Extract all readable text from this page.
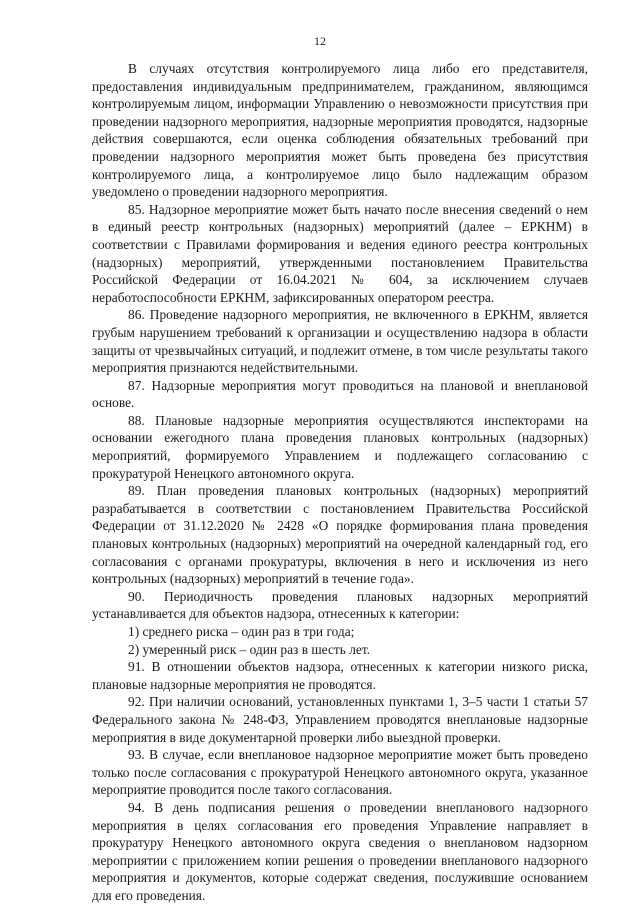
12

В случаях отсутствия контролируемого лица либо его представителя, предоставления индивидуальным предпринимателем, гражданином, являющимся контролируемым лицом, информации Управлению о невозможности присутствия при проведении надзорного мероприятия, надзорные мероприятия проводятся, надзорные действия совершаются, если оценка соблюдения обязательных требований при проведении надзорного мероприятия может быть проведена без присутствия контролируемого лица, а контролируемое лицо было надлежащим образом уведомлено о проведении надзорного мероприятия.

85. Надзорное мероприятие может быть начато после внесения сведений о нем в единый реестр контрольных (надзорных) мероприятий (далее – ЕРКНМ) в соответствии с Правилами формирования и ведения единого реестра контрольных (надзорных) мероприятий, утвержденными постановлением Правительства Российской Федерации от 16.04.2021 № 604, за исключением случаев неработоспособности ЕРКНМ, зафиксированных оператором реестра.

86. Проведение надзорного мероприятия, не включенного в ЕРКНМ, является грубым нарушением требований к организации и осуществлению надзора в области защиты от чрезвычайных ситуаций, и подлежит отмене, в том числе результаты такого мероприятия признаются недействительными.

87. Надзорные мероприятия могут проводиться на плановой и внеплановой основе.

88. Плановые надзорные мероприятия осуществляются инспекторами на основании ежегодного плана проведения плановых контрольных (надзорных) мероприятий, формируемого Управлением и подлежащего согласованию с прокуратурой Ненецкого автономного округа.

89. План проведения плановых контрольных (надзорных) мероприятий разрабатывается в соответствии с постановлением Правительства Российской Федерации от 31.12.2020 № 2428 «О порядке формирования плана проведения плановых контрольных (надзорных) мероприятий на очередной календарный год, его согласования с органами прокуратуры, включения в него и исключения из него контрольных (надзорных) мероприятий в течение года».

90. Периодичность проведения плановых надзорных мероприятий устанавливается для объектов надзора, отнесенных к категории:

1) среднего риска – один раз в три года;

2) умеренный риск – один раз в шесть лет.

91. В отношении объектов надзора, отнесенных к категории низкого риска, плановые надзорные мероприятия не проводятся.

92. При наличии оснований, установленных пунктами 1, 3–5 части 1 статьи 57 Федерального закона № 248-ФЗ, Управлением проводятся внеплановые надзорные мероприятия в виде документарной проверки либо выездной проверки.

93. В случае, если внеплановое надзорное мероприятие может быть проведено только после согласования с прокуратурой Ненецкого автономного округа, указанное мероприятие проводится после такого согласования.

94. В день подписания решения о проведении внепланового надзорного мероприятия в целях согласования его проведения Управление направляет в прокуратуру Ненецкого автономного округа сведения о внеплановом надзорном мероприятии с приложением копии решения о проведении внепланового надзорного мероприятия и документов, которые содержат сведения, послужившие основанием для его проведения.
